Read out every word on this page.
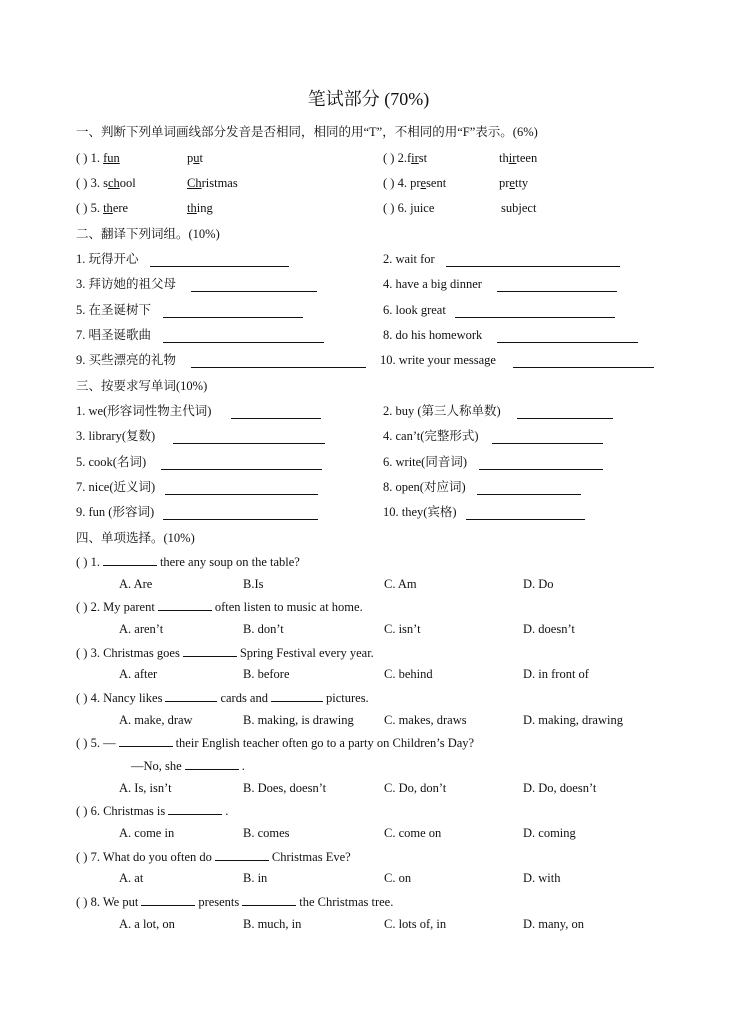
笔试部分 (70%)
一、判断下列单词画线部分发音是否相同，相同的用“T”，不相同的用“F”表示。(6%)
( ) 1. fun	put	( ) 2.first	thirteen
( ) 3. school	Christmas	( ) 4. present	pretty
( ) 5. there	thing	( ) 6. juice	subject
二、翻译下列词组。(10%)
1. 玩得开心	2. wait for
3. 拜访她的祖父母	4. have a big dinner
5. 在圣诞树下	6. look great
7. 唱圣诞歌曲	8. do his homework
9. 买些漂亮的礼物	10. write your message
三、按要求写单词(10%)
1. we(形容词性物主代词)	2. buy (第三人称单数)
3. library(复数)	4. can’t(完整形式)
5. cook(名词)	6. write(同音词)
7. nice(近义词)	8. open(对应词)
9. fun (形容词)	10. they(宾格)
四、单项选择。(10%)
( ) 1.	there any soup on the table?
A. Are	B.Is	C. Am	D. Do
( ) 2. My parent	often listen to music at home.
A. aren’t	B. don’t	C. isn’t	D. doesn’t
( ) 3. Christmas goes	Spring Festival every year.
A. after	B. before	C. behind	D. in front of
( ) 4. Nancy likes	cards and	pictures.
A. make, draw	B. making, is drawing C. makes, draws	D. making, drawing
( ) 5. —	their English teacher often go to a party on Children’s Day?
—No, she	.
A. Is, isn’t	B. Does, doesn’t	C. Do, don’t	D. Do, doesn’t
( ) 6. Christmas is	.
A. come in	B. comes	C. come on	D. coming
( ) 7. What do you often do	Christmas Eve?
A. at	B. in	C. on	D. with
( ) 8. We put	presents	the Christmas tree.
A. a lot, on	B. much, in	C. lots of, in	D. many, on
